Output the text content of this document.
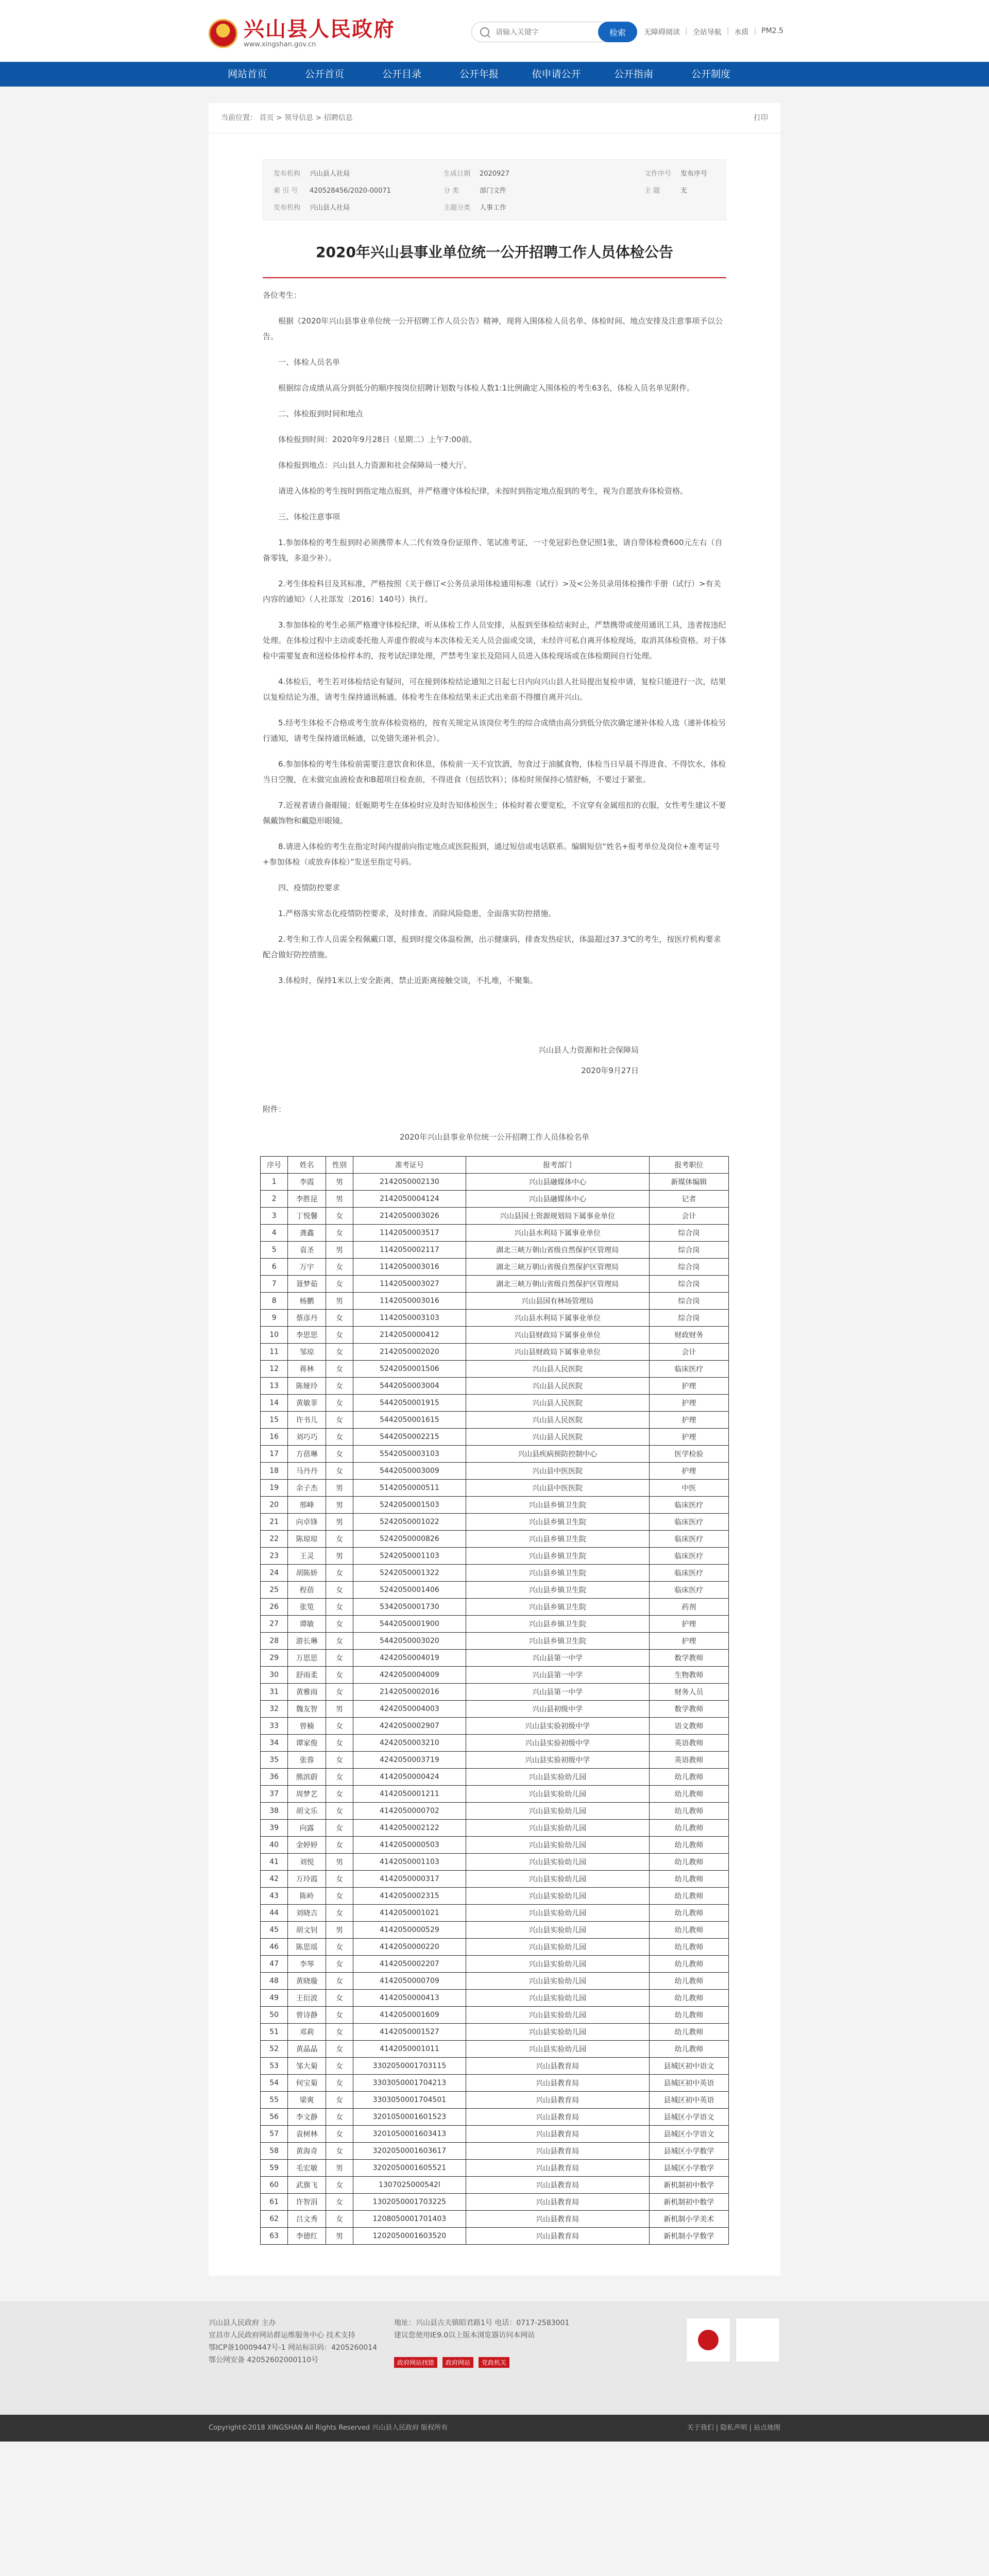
兴山县人民政府
www.xingshan.gov.cn
请输入关键字
检索	无障碍阅读 | 全站导航 | 水质 | PM2.5
网站首页	公开首页	公开目录	公开年报	依申请公开	公开指南	公开制度
当前位置： 首页 > 领导信息 > 招聘信息	打印
发布机构 兴山县人社局	生成日期 2020927	文件序号 发布序号
索 引 号 420528456/2020-00071	分 类	部门文件	主 题	无
发布机构 兴山县人社局	主题分类 人事工作
2020年兴山县事业单位统一公开招聘工作人员体检公告

各位考生：

根据《2020年兴山县事业单位统一公开招聘工作人员公告》精神，现将入围体检人员名单、体检时间、地点安排及注意事项予以公告。

一、体检人员名单

根据综合成绩从高分到低分的顺序按岗位招聘计划数与体检人数1:1比例确定入围体检的考生63名，体检人员名单见附件。

二、体检报到时间和地点

体检报到时间：2020年9月28日（星期二）上午7:00前。

体检报到地点：兴山县人力资源和社会保障局一楼大厅。

请进入体检的考生按时到指定地点报到，并严格遵守体检纪律，未按时到指定地点报到的考生，视为自愿放弃体检资格。

三、体检注意事项

1.参加体检的考生报到时必须携带本人二代有效身份证原件、笔试准考证，一寸免冠彩色登记照1张，请自带体检费600元左右（自备零钱，多退少补）。

2.考生体检科目及其标准，严格按照《关于修订<公务员录用体检通用标准（试行）>及<公务员录用体检操作手册（试行）>有关内容的通知》（人社部发〔2016〕140号）执行。

3.参加体检的考生必须严格遵守体检纪律，听从体检工作人员安排，从报到至体检结束时止，严禁携带或使用通讯工具，违者按违纪处理。在体检过程中主动或委托他人弄虚作假或与本次体检无关人员会面或交谈，未经许可私自离开体检现场，取消其体检资格。对于体检中需要复查和送检体检样本的，按考试纪律处理，严禁考生家长及陪同人员进入体检现场或在体检期间自行处理。

4.体检后，考生若对体检结论有疑问，可在接到体检结论通知之日起七日内向兴山县人社局提出复检申请，复检只能进行一次，结果以复检结论为准，请考生保持通讯畅通。体检考生在体检结果未正式出来前不得擅自离开兴山。

5.经考生体检不合格或考生放弃体检资格的，按有关规定从该岗位考生的综合成绩由高分到低分依次确定递补体检人选（递补体检另行通知，请考生保持通讯畅通，以免错失递补机会）。

6.参加体检的考生体检前需要注意饮食和休息，体检前一天不宜饮酒，勿食过于油腻食物，体检当日早晨不得进食、不得饮水，体检当日空腹，在未做完血液检查和B超项目检查前，不得进食（包括饮料）；体检时须保持心情舒畅，不要过于紧张。

7.近视者请自备眼镜；妊娠期考生在体检时应及时告知体检医生；体检时着衣要宽松，不宜穿有金属纽扣的衣服，女性考生建议不要佩戴饰物和戴隐形眼镜。

8.请进入体检的考生在指定时间内提前向指定地点或医院报到，通过短信或电话联系。编辑短信“姓名+报考单位及岗位+准考证号+参加体检（或放弃体检）”发送至指定号码。

四、疫情防控要求

1.严格落实常态化疫情防控要求，及时排查、消除风险隐患，全面落实防控措施。

2.考生和工作人员需全程佩戴口罩，报到时提交体温检测，出示健康码，排查发热症状，体温超过37.3℃的考生，按医疗机构要求配合做好防控措施。

3.体检时，保持1米以上安全距离，禁止近距离接触交谈，不扎堆，不聚集。

兴山县人力资源和社会保障局
2020年9月27日

附件：

2020年兴山县事业单位统一公开招聘工作人员体检名单
序号	姓名	性别	准考证号	报考部门	报考职位
1	李霞	男	2142050002130	兴山县融媒体中心	新媒体编辑
2	李胜昆	男	2142050004124	兴山县融媒体中心	记者
3	丁悦馨	女	2142050003026	兴山县国土资源规划局下属事业单位	会计
4	龚鑫	女	1142050003517	兴山县水利局下属事业单位	综合岗
5	袁圣	男	1142050002117	湖北三峡万朝山省级自然保护区管理局	综合岗
6	万宇	女	1142050003016	湖北三峡万朝山省级自然保护区管理局	综合岗
7	聂梦茹	女	1142050003027	湖北三峡万朝山省级自然保护区管理局	综合岗
8	杨鹏	男	1142050003016	兴山县国有林场管理局	综合岗
9	蔡彦丹	女	1142050003103	兴山县水利局下属事业单位	综合岗
10	李思思	女	2142050000412	兴山县财政局下属事业单位	财政财务
11	邹琼	女	2142050002020	兴山县财政局下属事业单位	会计
12	蒋林	女	5242050001506	兴山县人民医院	临床医疗
13	陈娅玲	女	5442050003004	兴山县人民医院	护理
14	黄敏菲	女	5442050001915	兴山县人民医院	护理
15	许书儿	女	5442050001615	兴山县人民医院	护理
16	刘巧巧	女	5442050002215	兴山县人民医院	护理
17	方蓓琳	女	5542050003103	兴山县疾病预防控制中心	医学检验
18	马丹丹	女	5442050003009	兴山县中医医院	护理
19	余子杰	男	5142050000511	兴山县中医医院	中医
20	邢峰	男	5242050001503	兴山县乡镇卫生院	临床医疗
21	向卓锋	男	5242050001022	兴山县乡镇卫生院	临床医疗
22	陈琼琼	女	5242050000826	兴山县乡镇卫生院	临床医疗
23	王灵	男	5242050001103	兴山县乡镇卫生院	临床医疗
24	胡陈娇	女	5242050001322	兴山县乡镇卫生院	临床医疗
25	程蓓	女	5242050001406	兴山县乡镇卫生院	临床医疗
26	张笕	女	5342050001730	兴山县乡镇卫生院	药剂
27	谭敏	女	5442050001900	兴山县乡镇卫生院	护理
28	游长琳	女	5442050003020	兴山县乡镇卫生院	护理
29	万思思	女	4242050004019	兴山县第一中学	数学教师
30	舒雨柔	女	4242050004009	兴山县第一中学	生物教师
31	黄雅雨	女	2142050002016	兴山县第一中学	财务人员
32	魏友智	男	4242050004003	兴山县初级中学	数学教师
33	曾楠	女	4242050002907	兴山县实验初级中学	语文教师
34	谭家俊	女	4242050003210	兴山县实验初级中学	英语教师
35	张蓉	女	4242050003719	兴山县实验初级中学	英语教师
36	熊滨蔚	女	4142050000424	兴山县实验幼儿园	幼儿教师
37	周梦艺	女	4142050001211	兴山县实验幼儿园	幼儿教师
38	胡文乐	女	4142050000702	兴山县实验幼儿园	幼儿教师
39	向露	女	4142050002122	兴山县实验幼儿园	幼儿教师
40	金婷婷	女	4142050000503	兴山县实验幼儿园	幼儿教师
41	刘悦	男	4142050001103	兴山县实验幼儿园	幼儿教师
42	万玲霞	女	4142050000317	兴山县实验幼儿园	幼儿教师
43	陈岭	女	4142050002315	兴山县实验幼儿园	幼儿教师
44	刘晓吉	女	4142050001021	兴山县实验幼儿园	幼儿教师
45	胡文钊	男	4142050000529	兴山县实验幼儿园	幼儿教师
46	陈思瑶	女	4142050000220	兴山县实验幼儿园	幼儿教师
47	李琴	女	4142050002207	兴山县实验幼儿园	幼儿教师
48	黄晓璇	女	4142050000709	兴山县实验幼儿园	幼儿教师
49	王衍波	女	4142050000413	兴山县实验幼儿园	幼儿教师
50	曾诗静	女	4142050001609	兴山县实验幼儿园	幼儿教师
51	邓莉	女	4142050001527	兴山县实验幼儿园	幼儿教师
52	黄晶晶	女	4142050001011	兴山县实验幼儿园	幼儿教师
53	邹大菊	女	3302050001703115	兴山县教育局	县城区初中语文
54	何宝菊	女	3303050001704213	兴山县教育局	县城区初中英语
55	梁爽	女	3303050001704501	兴山县教育局	县城区初中英语
56	李文静	女	3201050001601523	兴山县教育局	县城区小学语文
57	袁树林	女	3201050001603413	兴山县教育局	县城区小学语文
58	黄海奇	女	3202050001603617	兴山县教育局	县城区小学数学
59	毛宏敏	男	3202050001605521	兴山县教育局	县城区小学数学
60	武旗飞	女	1307025000542l	兴山县教育局	新机制初中数学
61	许智涓	女	1302050001703225	兴山县教育局	新机制初中数学
62	吕文秀	女	1208050001701403	兴山县教育局	新机制小学美术
63	李德红	男	1202050001603520	兴山县教育局	新机制小学数学
兴山县人民政府 主办
宜昌市人民政府网站群运维服务中心 技术支持
鄂ICP备10009447号-1 网站标识码：4205260014
鄂公网安备 42052602000110号
地址：兴山县古夫镇昭君路1号 电话：0717-2583001
建议您使用IE9.0以上版本浏览器访问本网站
政府网站找错	政府网站	党政机关
Copyright©2018 XINGSHAN All Rights Reserved 兴山县人民政府 版权所有	关于我们 | 隐私声明 | 站点地图
